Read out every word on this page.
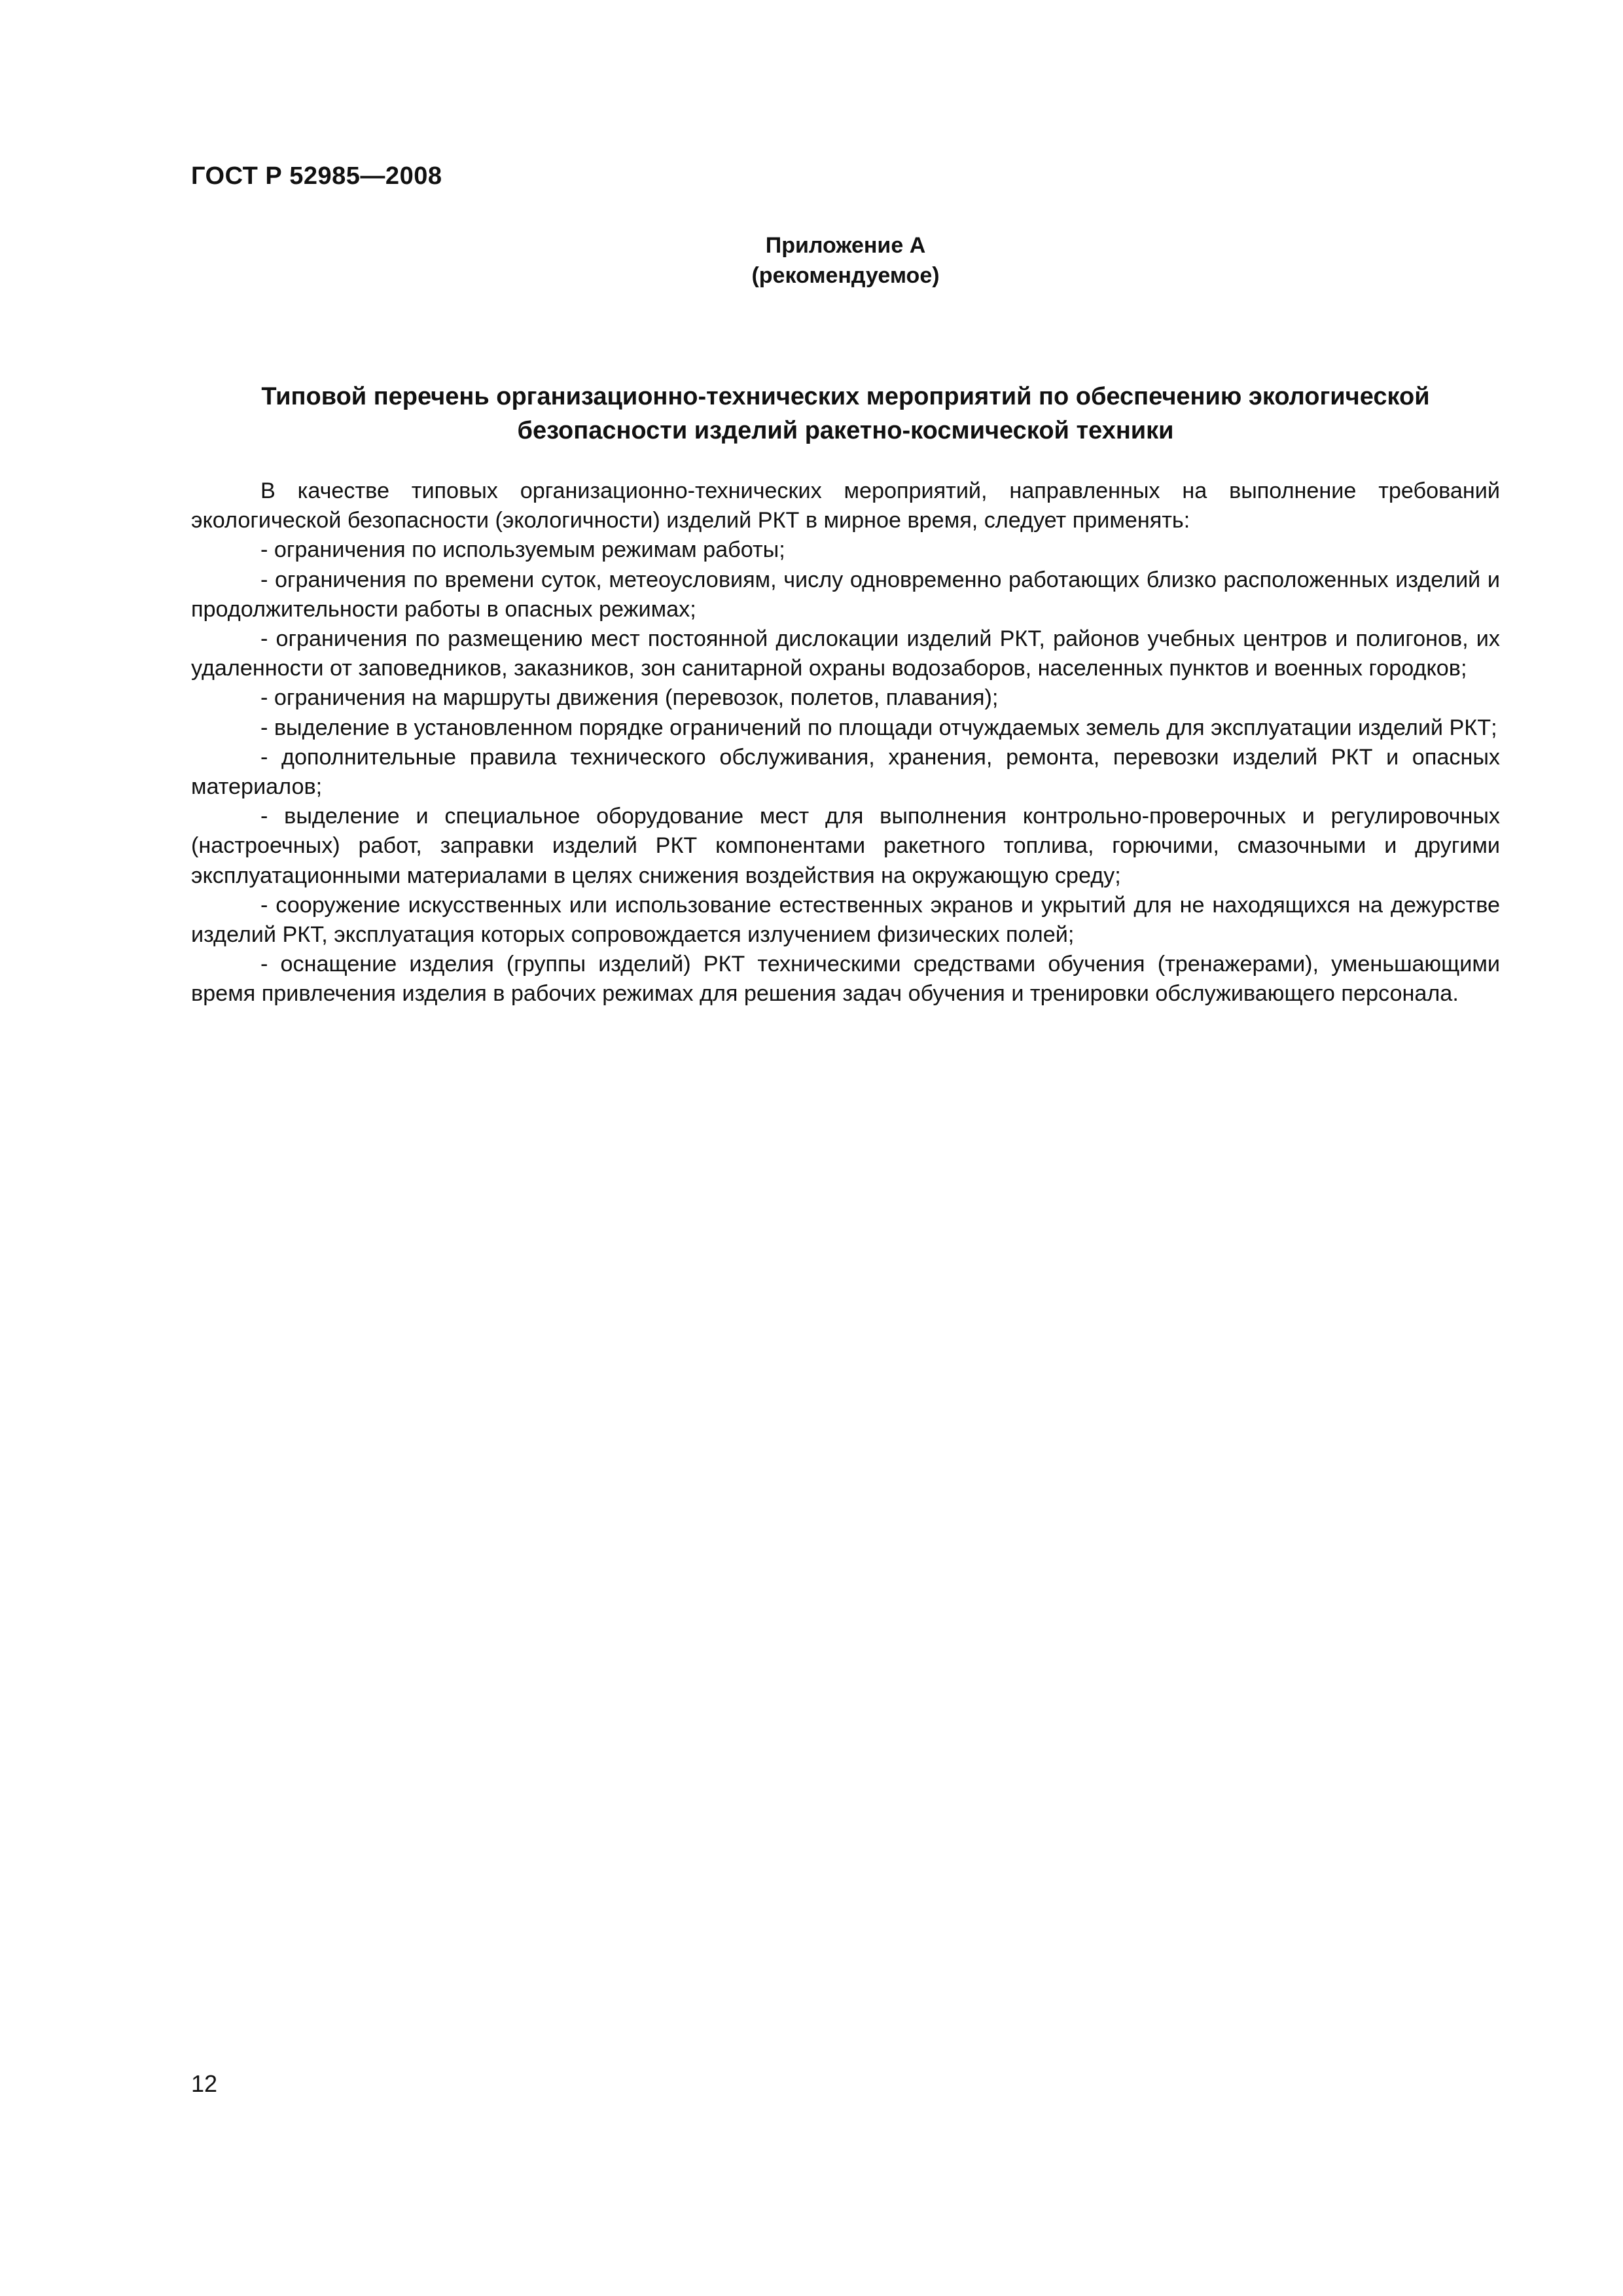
ГОСТ Р 52985—2008
Приложение А
(рекомендуемое)
Типовой перечень организационно-технических мероприятий по обеспечению экологической
безопасности изделий ракетно-космической техники

В качестве типовых организационно-технических мероприятий, направленных на выполнение требований экологической безопасности (экологичности) изделий РКТ в мирное время, следует применять:

- ограничения по используемым режимам работы;

- ограничения по времени суток, метеоусловиям, числу одновременно работающих близко расположенных изделий и продолжительности работы в опасных режимах;

- ограничения по размещению мест постоянной дислокации изделий РКТ, районов учебных центров и полигонов, их удаленности от заповедников, заказников, зон санитарной охраны водозаборов, населенных пунктов и военных городков;

- ограничения на маршруты движения (перевозок, полетов, плавания);

- выделение в установленном порядке ограничений по площади отчуждаемых земель для эксплуатации изделий РКТ;

- дополнительные правила технического обслуживания, хранения, ремонта, перевозки изделий РКТ и опасных материалов;

- выделение и специальное оборудование мест для выполнения контрольно-проверочных и регулировочных (настроечных) работ, заправки изделий РКТ компонентами ракетного топлива, горючими, смазочными и другими эксплуатационными материалами в целях снижения воздействия на окружающую среду;

- сооружение искусственных или использование естественных экранов и укрытий для не находящихся на дежурстве изделий РКТ, эксплуатация которых сопровождается излучением физических полей;

- оснащение изделия (группы изделий) РКТ техническими средствами обучения (тренажерами), уменьшающими время привлечения изделия в рабочих режимах для решения задач обучения и тренировки обслуживающего персонала.

12
